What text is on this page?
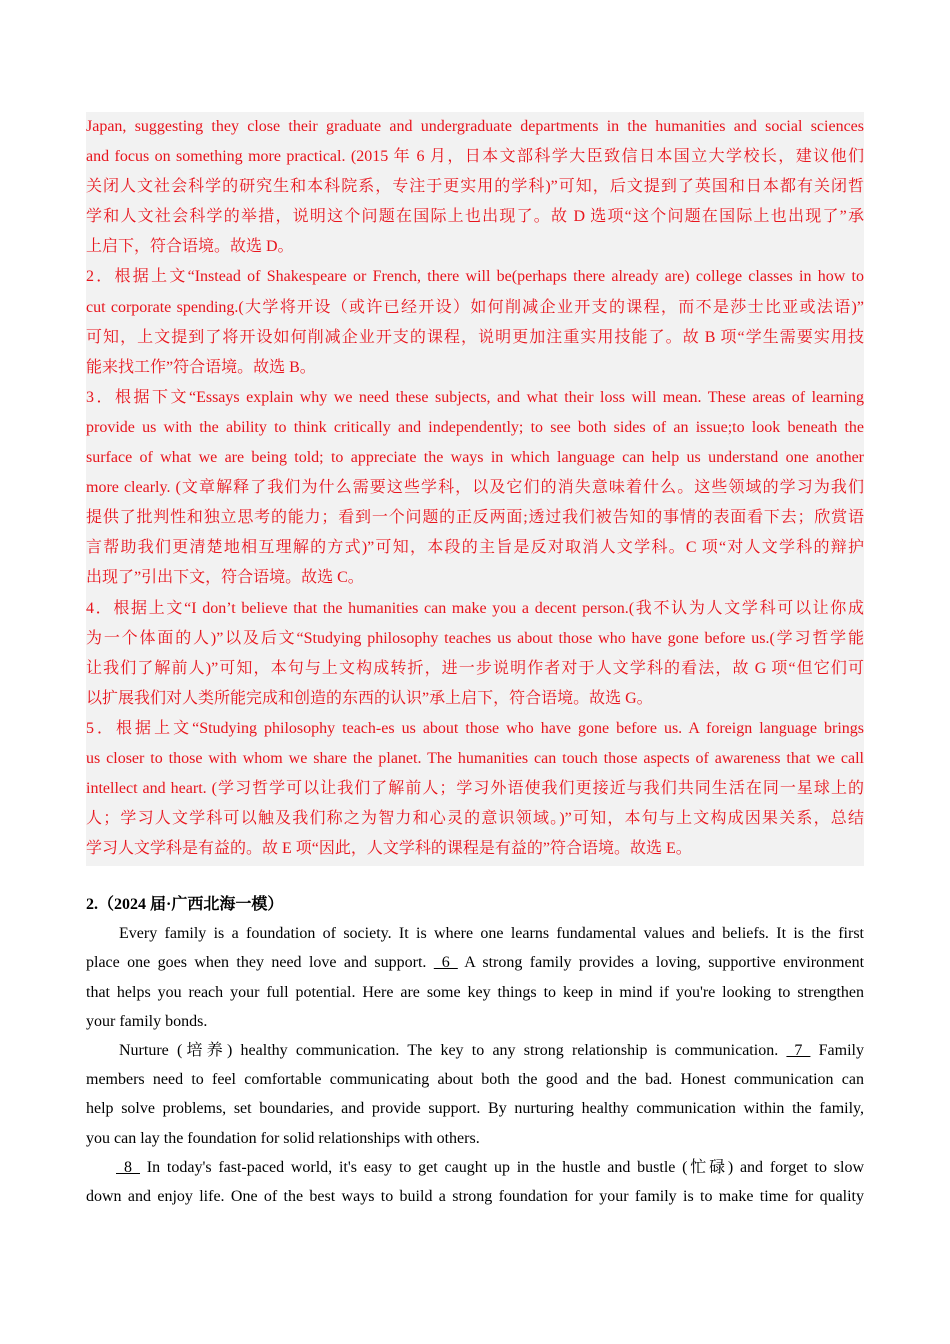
Japan, suggesting they close their graduate and undergraduate departments in the humanities and social sciences
and focus on something more practical. (2015 年 6 月，日本文部科学大臣致信日本国立大学校长，建议他们
关闭人文社会科学的研究生和本科院系，专注于更实用的学科)”可知，后文提到了英国和日本都有关闭哲
学和人文社会科学的举措，说明这个问题在国际上也出现了。故 D 选项“这个问题在国际上也出现了”承
上启下，符合语境。故选 D。
2．根据上文“Instead of Shakespeare or French, there will be(perhaps there already are) college classes in how to
cut corporate spending.(大学将开设（或许已经开设）如何削减企业开支的课程，而不是莎士比亚或法语)”
可知，上文提到了将开设如何削减企业开支的课程，说明更加注重实用技能了。故 B 项“学生需要实用技
能来找工作”符合语境。故选 B。
3．根据下文“Essays explain why we need these subjects, and what their loss will mean. These areas of learning
provide us with the ability to think critically and independently; to see both sides of an issue;to look beneath the
surface of what we are being told; to appreciate the ways in which language can help us understand one another
more clearly. (文章解释了我们为什么需要这些学科，以及它们的消失意味着什么。这些领域的学习为我们
提供了批判性和独立思考的能力；看到一个问题的正反两面;透过我们被告知的事情的表面看下去；欣赏语
言帮助我们更清楚地相互理解的方式)”可知，本段的主旨是反对取消人文学科。C 项“对人文学科的辩护
出现了”引出下文，符合语境。故选 C。
4．根据上文“I don’t believe that the humanities can make you a decent person.(我不认为人文学科可以让你成
为一个体面的人)”以及后文“Studying philosophy teaches us about those who have gone before us.(学习哲学能
让我们了解前人)”可知，本句与上文构成转折，进一步说明作者对于人文学科的看法，故 G 项“但它们可
以扩展我们对人类所能完成和创造的东西的认识”承上启下，符合语境。故选 G。
5．根据上文“Studying philosophy teach-es us about those who have gone before us. A foreign language brings
us closer to those with whom we share the planet. The humanities can touch those aspects of awareness that we call
intellect and heart. (学习哲学可以让我们了解前人；学习外语使我们更接近与我们共同生活在同一星球上的
人；学习人文学科可以触及我们称之为智力和心灵的意识领域。)”可知，本句与上文构成因果关系，总结
学习人文学科是有益的。故 E 项“因此，人文学科的课程是有益的”符合语境。故选 E。
2.（2024 届·广西北海一模）
Every family is a foundation of society. It is where one learns fundamental values and beliefs. It is the first
place one goes when they need love and support.   6   A strong family provides a loving, supportive environment
that helps you reach your full potential. Here are some key things to keep in mind if you're looking to strengthen
your family bonds.
Nurture (培养) healthy communication. The key to any strong relationship is communication.   7   Family
members need to feel comfortable communicating about both the good and the bad. Honest communication can
help solve problems, set boundaries, and provide support. By nurturing healthy communication within the family,
you can lay the foundation for solid relationships with others.
8   In today's fast-paced world, it's easy to get caught up in the hustle and bustle (忙碌) and forget to slow
down and enjoy life. One of the best ways to build a strong foundation for your family is to make time for quality
